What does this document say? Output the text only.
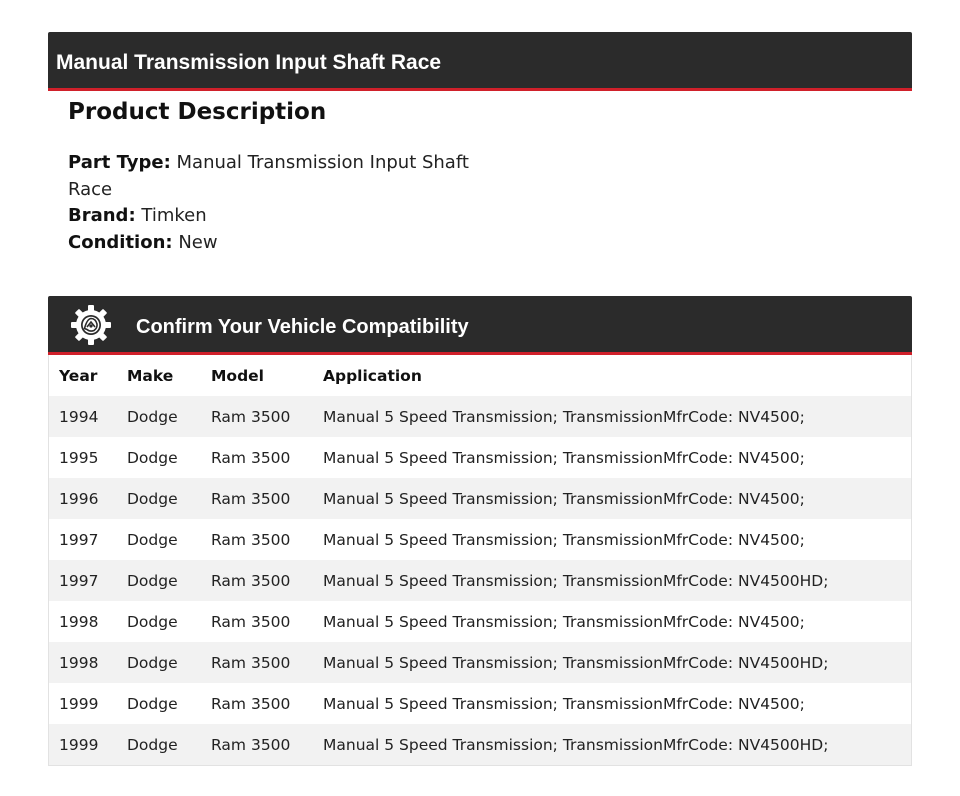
Manual Transmission Input Shaft Race
Product Description
Part Type: Manual Transmission Input Shaft Race
Brand: Timken
Condition: New
Confirm Your Vehicle Compatibility
Year	Make	Model	Application
1994	Dodge	Ram 3500	Manual 5 Speed Transmission; TransmissionMfrCode: NV4500;
1995	Dodge	Ram 3500	Manual 5 Speed Transmission; TransmissionMfrCode: NV4500;
1996	Dodge	Ram 3500	Manual 5 Speed Transmission; TransmissionMfrCode: NV4500;
1997	Dodge	Ram 3500	Manual 5 Speed Transmission; TransmissionMfrCode: NV4500;
1997	Dodge	Ram 3500	Manual 5 Speed Transmission; TransmissionMfrCode: NV4500HD;
1998	Dodge	Ram 3500	Manual 5 Speed Transmission; TransmissionMfrCode: NV4500;
1998	Dodge	Ram 3500	Manual 5 Speed Transmission; TransmissionMfrCode: NV4500HD;
1999	Dodge	Ram 3500	Manual 5 Speed Transmission; TransmissionMfrCode: NV4500;
1999	Dodge	Ram 3500	Manual 5 Speed Transmission; TransmissionMfrCode: NV4500HD;
